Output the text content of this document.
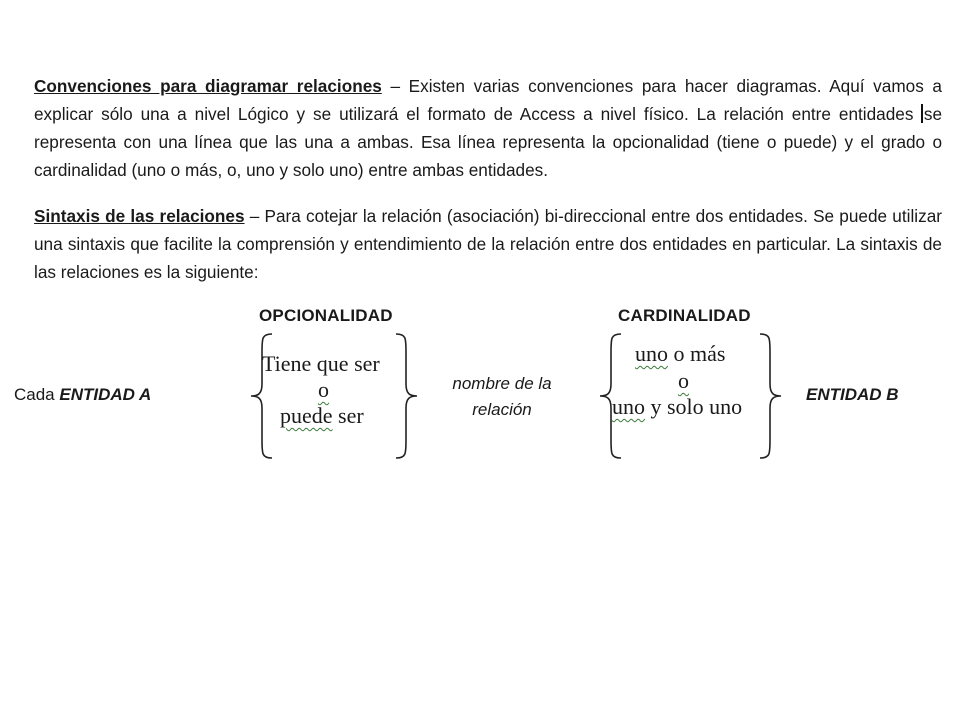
Convenciones para diagramar relaciones – Existen varias convenciones para hacer diagramas. Aquí vamos a explicar sólo una a nivel Lógico y se utilizará el formato de Access a nivel físico. La relación entre entidades se representa con una línea que las una a ambas. Esa línea representa la opcionalidad (tiene o puede) y el grado o cardinalidad (uno o más, o, uno y solo uno) entre ambas entidades.

Sintaxis de las relaciones – Para cotejar la relación (asociación) bi-direccional entre dos entidades. Se puede utilizar una sintaxis que facilite la comprensión y entendimiento de la relación entre dos entidades en particular. La sintaxis de las relaciones es la siguiente:

OPCIONALIDAD	CARDINALIDAD
Cada ENTIDAD A	ENTIDAD B
Tiene que ser
o
puede ser
nombre de la
relación
uno o más
o
uno y solo uno
